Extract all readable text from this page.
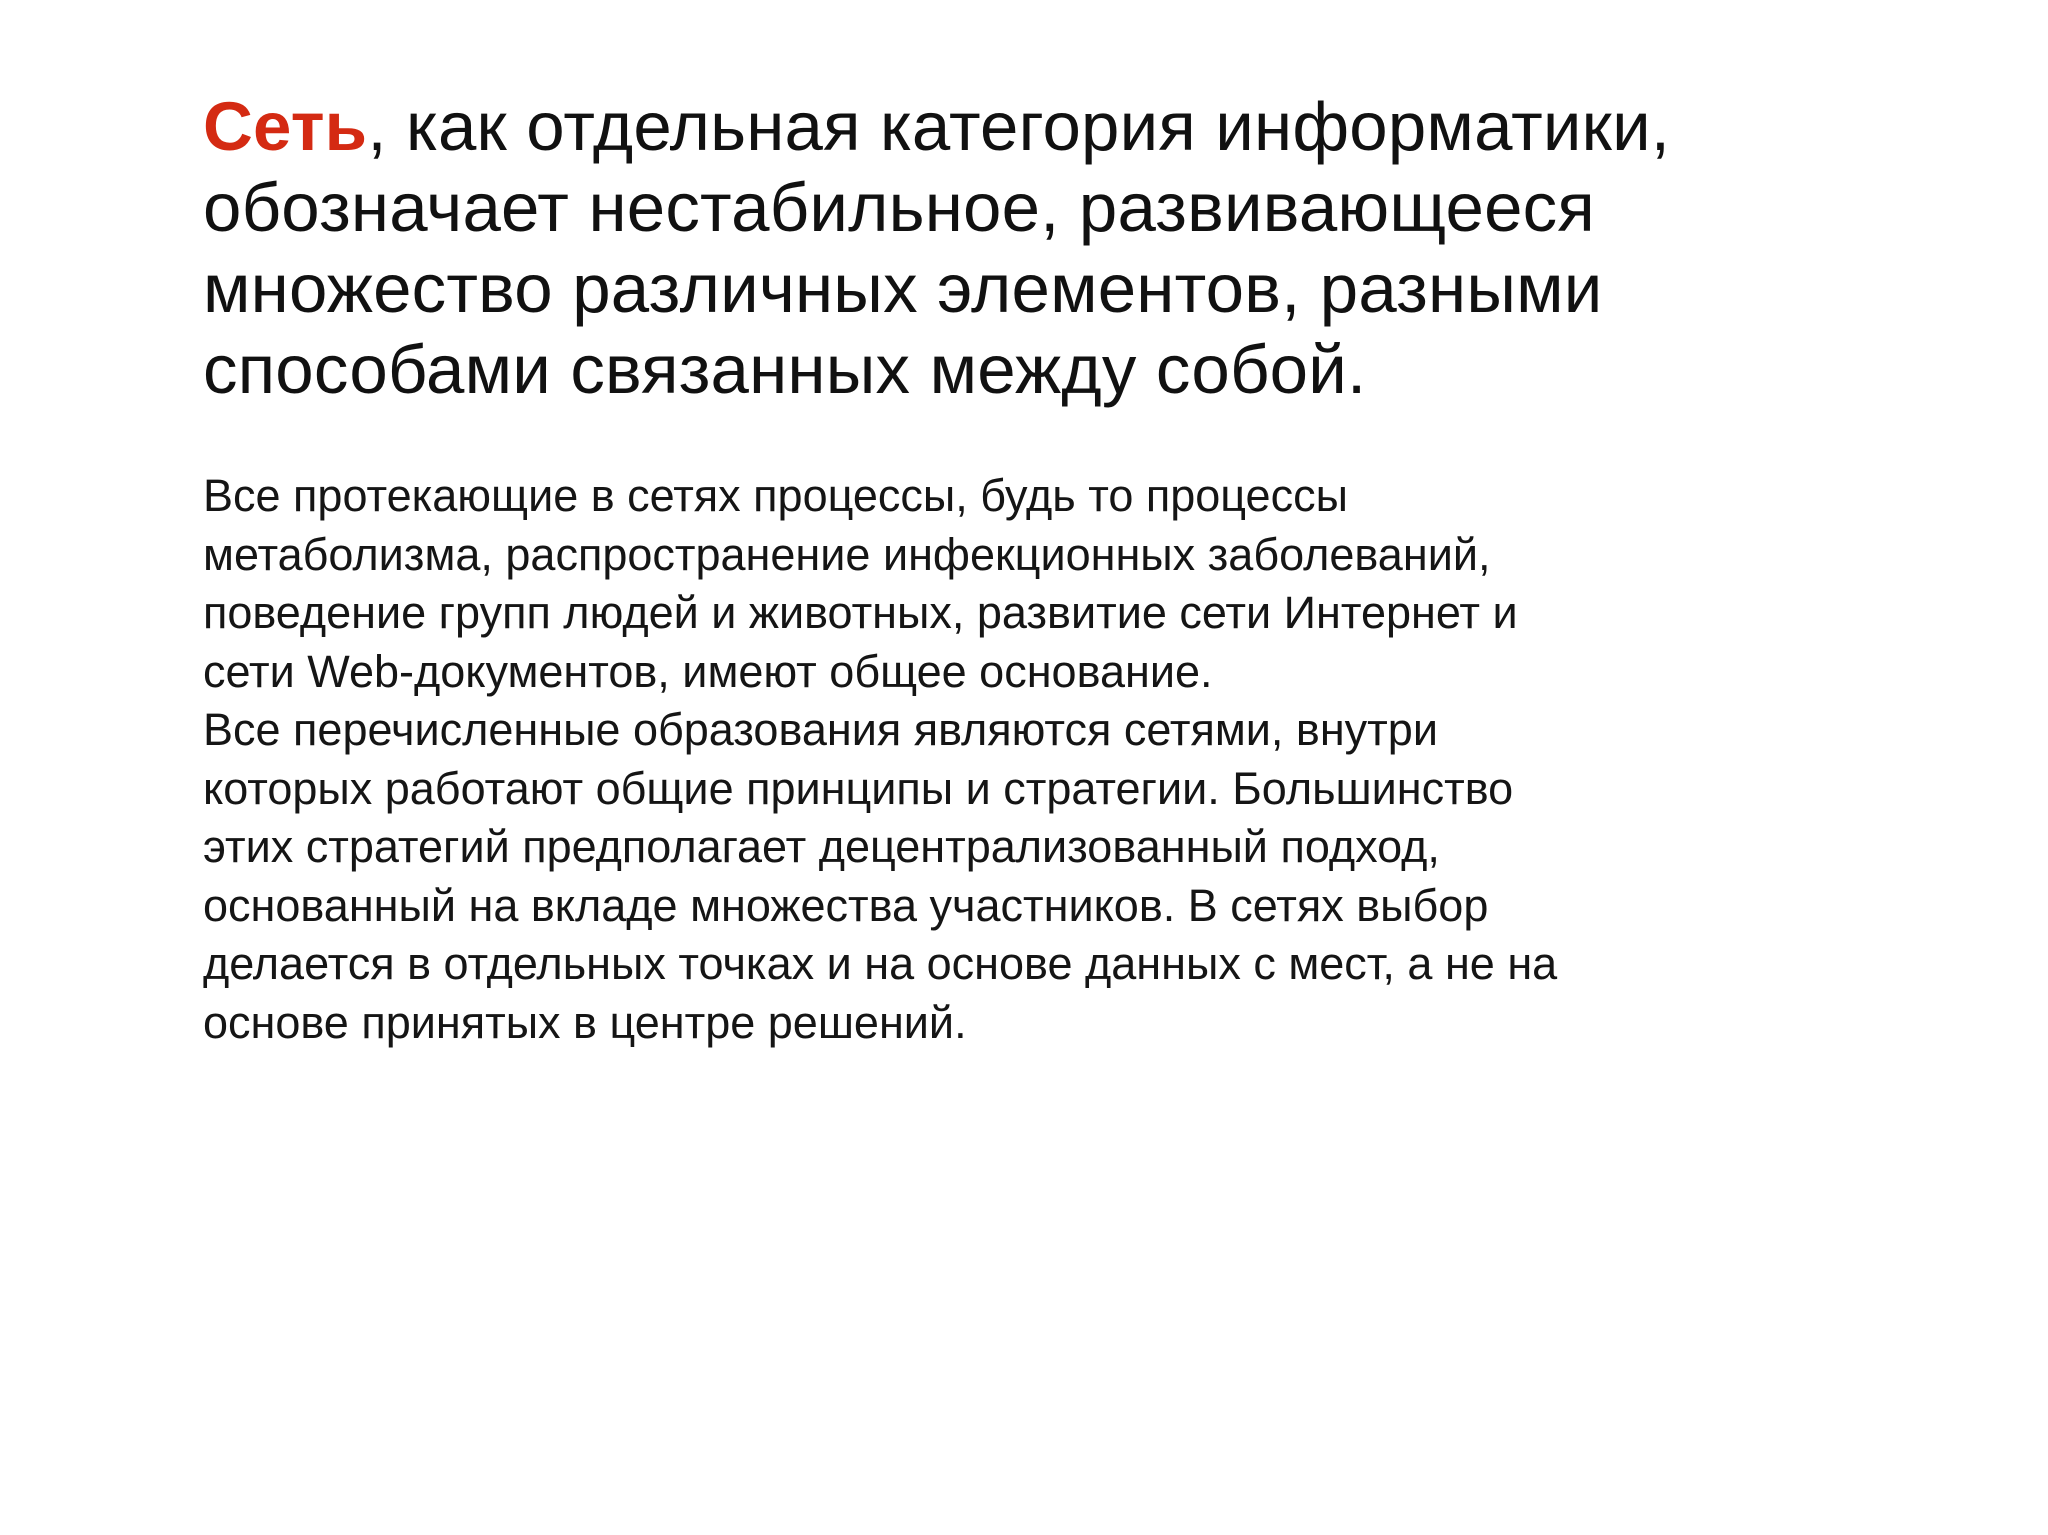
Сеть, как отдельная категория информатики,
обозначает нестабильное, развивающееся
множество различных элементов, разными
способами связанных между собой.
Все протекающие в сетях процессы, будь то процессы
метаболизма, распространение инфекционных заболеваний,
поведение групп людей и животных, развитие сети Интернет и
сети Web-документов, имеют общее основание.
Все перечисленные образования являются сетями, внутри
которых работают общие принципы и стратегии. Большинство
этих стратегий предполагает децентрализованный подход,
основанный на вкладе множества участников. В сетях выбор
делается в отдельных точках и на основе данных с мест, а не на
основе принятых в центре решений.
